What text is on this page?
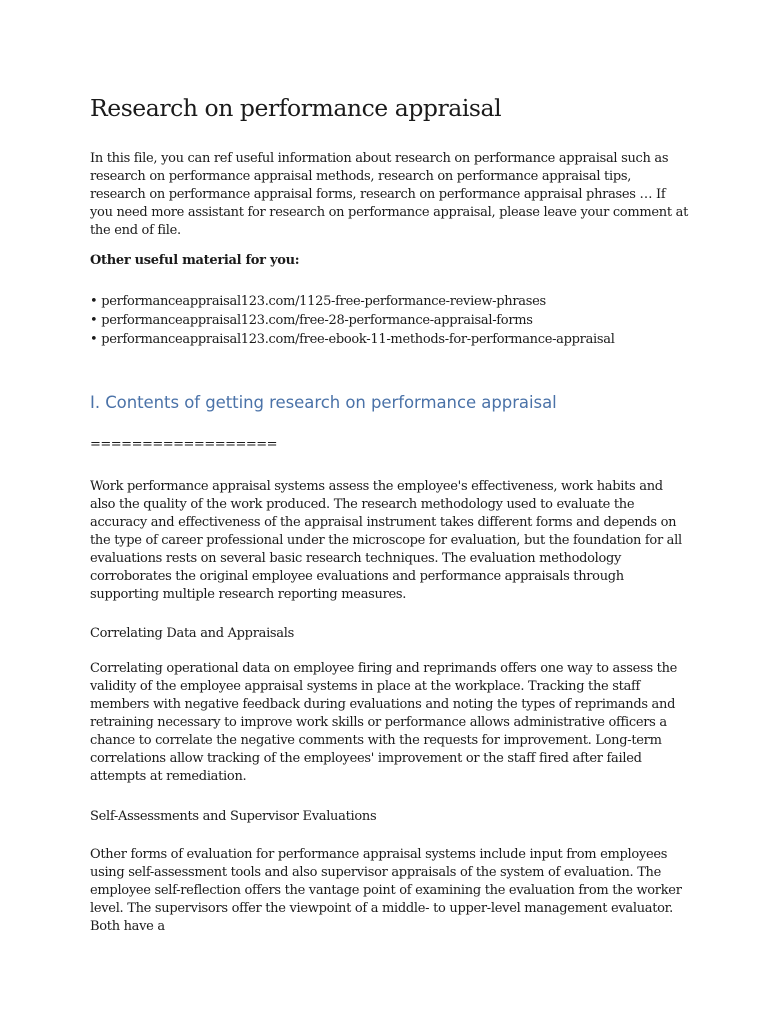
Research on performance appraisal

In this file, you can ref useful information about research on performance appraisal such as research on performance appraisal methods, research on performance appraisal tips, research on performance appraisal forms, research on performance appraisal phrases … If you need more assistant for research on performance appraisal, please leave your comment at the end of file.

Other useful material for you:

• performanceappraisal123.com/1125-free-performance-review-phrases
• performanceappraisal123.com/free-28-performance-appraisal-forms
• performanceappraisal123.com/free-ebook-11-methods-for-performance-appraisal
I. Contents of getting research on performance appraisal

==================

Work performance appraisal systems assess the employee's effectiveness, work habits and also the quality of the work produced. The research methodology used to evaluate the accuracy and effectiveness of the appraisal instrument takes different forms and depends on the type of career professional under the microscope for evaluation, but the foundation for all evaluations rests on several basic research techniques. The evaluation methodology corroborates the original employee evaluations and performance appraisals through supporting multiple research reporting measures.

Correlating Data and Appraisals

Correlating operational data on employee firing and reprimands offers one way to assess the validity of the employee appraisal systems in place at the workplace. Tracking the staff members with negative feedback during evaluations and noting the types of reprimands and retraining necessary to improve work skills or performance allows administrative officers a chance to correlate the negative comments with the requests for improvement. Long-term correlations allow tracking of the employees' improvement or the staff fired after failed attempts at remediation.

Self-Assessments and Supervisor Evaluations

Other forms of evaluation for performance appraisal systems include input from employees using self-assessment tools and also supervisor appraisals of the system of evaluation. The employee self-reflection offers the vantage point of examining the evaluation from the worker level. The supervisors offer the viewpoint of a middle- to upper-level management evaluator. Both have a
